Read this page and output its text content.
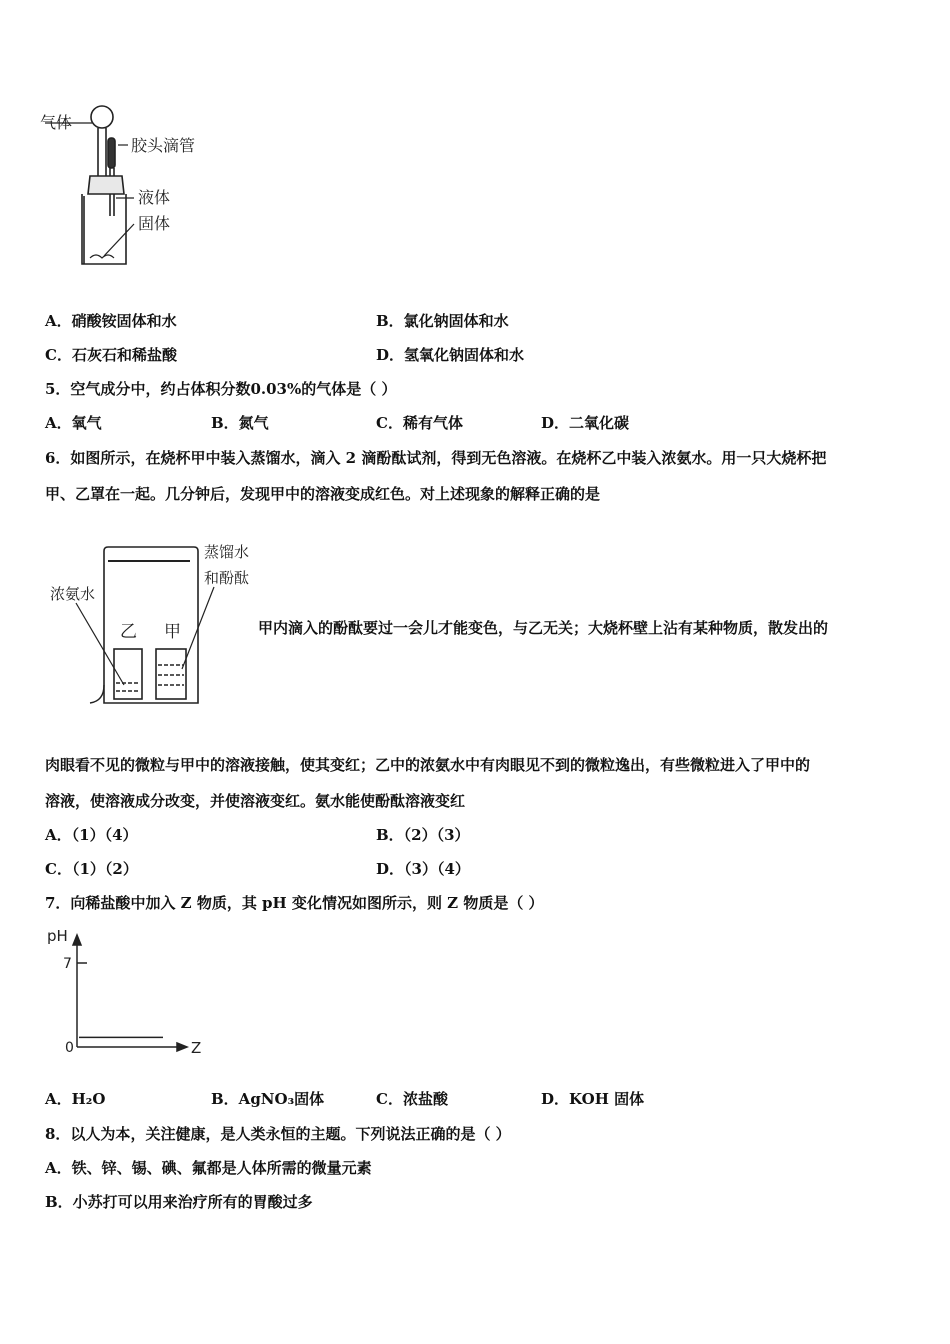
气体
胶头滴管
液体
固体
A．硝酸铵固体和水	B．氯化钠固体和水
C．石灰石和稀盐酸	D．氢氧化钠固体和水
5．空气成分中，约占体积分数0.03%的气体是（ ）
A．氧气	B．氮气	C．稀有气体	D．二氧化碳
6．如图所示，在烧杯甲中装入蒸馏水，滴入 2 滴酚酞试剂，得到无色溶液。在烧杯乙中装入浓氨水。用一只大烧杯把
甲、乙罩在一起。几分钟后，发现甲中的溶液变成红色。对上述现象的解释正确的是
蒸馏水
和酚酞
浓氨水
乙 甲	甲内滴入的酚酞要过一会儿才能变色，与乙无关；大烧杯壁上沾有某种物质，散发出的
肉眼看不见的微粒与甲中的溶液接触，使其变红；乙中的浓氨水中有肉眼见不到的微粒逸出，有些微粒进入了甲中的
溶液，使溶液成分改变，并使溶液变红。氨水能使酚酞溶液变红
A．（1）（4）	B．（2）（3）
C．（1）（2）	D．（3）（4）
7．向稀盐酸中加入 Z 物质，其 pH 变化情况如图所示，则 Z 物质是（ ）
pH
7
0	Z
A．H₂O	B．AgNO₃固体	C．浓盐酸	D．KOH 固体
8．以人为本，关注健康，是人类永恒的主题。下列说法正确的是（ ）
A．铁、锌、锡、碘、氟都是人体所需的微量元素
B．小苏打可以用来治疗所有的胃酸过多
